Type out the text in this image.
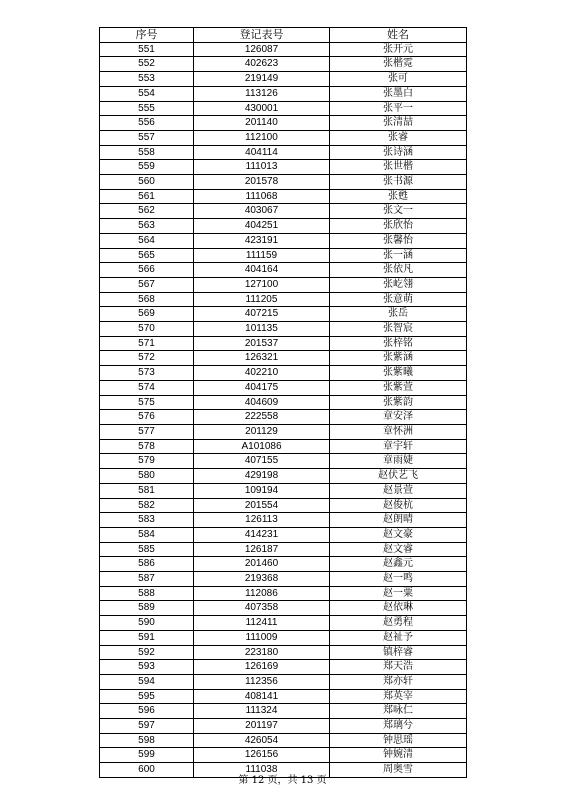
序号	登记表号	姓名
551	126087	张开元
552	402623	张楷霓
553	219149	张可
554	113126	张墨白
555	430001	张平一
556	201140	张清喆
557	112100	张睿
558	404114	张诗涵
559	111013	张世楷
560	201578	张书源
561	111068	张甦
562	403067	张文一
563	404251	张欣怡
564	423191	张馨怡
565	111159	张一涵
566	404164	张依凡
567	127100	张屹翎
568	111205	张意萌
569	407215	张岳
570	101135	张智宸
571	201537	张梓铭
572	126321	张紫涵
573	402210	张紫曦
574	404175	张紫萱
575	404609	张紫韵
576	222558	章安泽
577	201129	章怀洲
578	A101086	章宇轩
579	407155	章雨婕
580	429198	赵伏艺飞
581	109194	赵景萱
582	201554	赵俊杭
583	126113	赵朗晴
584	414231	赵文豪
585	126187	赵文睿
586	201460	赵鑫元
587	219368	赵一鸣
588	112086	赵一粟
589	407358	赵依琳
590	112411	赵勇程
591	111009	赵祉予
592	223180	镇梓睿
593	126169	郑天浩
594	112356	郑亦轩
595	408141	郑英宰
596	111324	郑咏仁
597	201197	郑璃兮
598	426054	钟思瑶
599	126156	钟婉清
600	111038	周奥雪
第 12 页，共 13 页
